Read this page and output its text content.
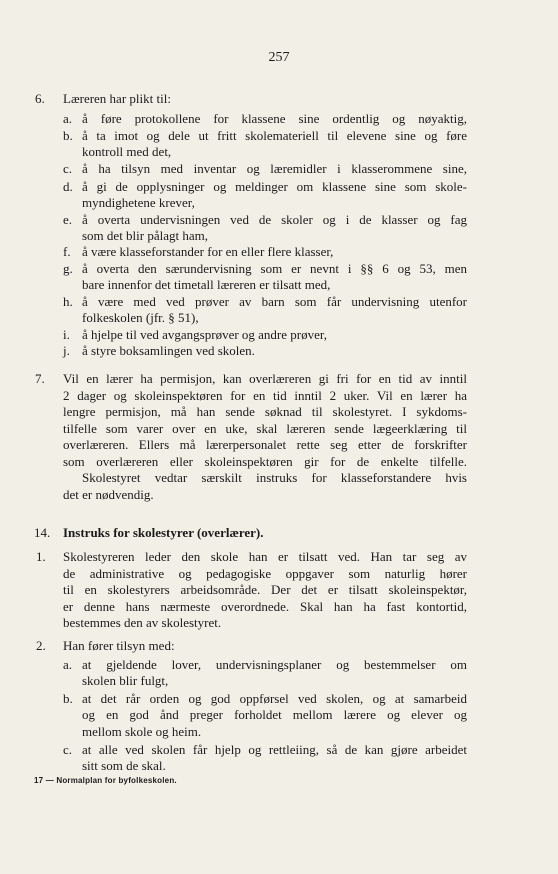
257
6. Læreren har plikt til:
a. å føre protokollene for klassene sine ordentlig og nøyaktig,
b. å ta imot og dele ut fritt skolemateriell til elevene sine og føre
kontroll med det,
c. å ha tilsyn med inventar og læremidler i klasserommene sine,
d. å gi de opplysninger og meldinger om klassene sine som skole-
myndighetene krever,
e. å overta undervisningen ved de skoler og i de klasser og fag
som det blir pålagt ham,
f. å være klasseforstander for en eller flere klasser,
g. å overta den særundervisning som er nevnt i §§ 6 og 53, men
bare innenfor det timetall læreren er tilsatt med,
h. å være med ved prøver av barn som får undervisning utenfor
folkeskolen (jfr. § 51),
i. å hjelpe til ved avgangsprøver og andre prøver,
j. å styre boksamlingen ved skolen.
7. Vil en lærer ha permisjon, kan overlæreren gi fri for en tid av inntil
2 dager og skoleinspektøren for en tid inntil 2 uker. Vil en lærer ha
lengre permisjon, må han sende søknad til skolestyret. I sykdoms-
tilfelle som varer over en uke, skal læreren sende lægeerklæring til
overlæreren. Ellers må lærerpersonalet rette seg etter de forskrifter
som overlæreren eller skoleinspektøren gir for de enkelte tilfelle.
Skolestyret vedtar særskilt instruks for klasseforstandere hvis
det er nødvendig.
14. Instruks for skolestyrer (overlærer).
1. Skolestyreren leder den skole han er tilsatt ved. Han tar seg av
de administrative og pedagogiske oppgaver som naturlig hører
til en skolestyrers arbeidsområde. Der det er tilsatt skoleinspektør,
er denne hans nærmeste overordnede. Skal han ha fast kontortid,
bestemmes den av skolestyret.
2. Han fører tilsyn med:
a. at gjeldende lover, undervisningsplaner og bestemmelser om
skolen blir fulgt,
b. at det rår orden og god oppførsel ved skolen, og at samarbeid
og en god ånd preger forholdet mellom lærere og elever og
mellom skole og heim.
c. at alle ved skolen får hjelp og rettleiing, så de kan gjøre arbeidet
sitt som de skal.
17 — Normalplan for byfolkeskolen.
